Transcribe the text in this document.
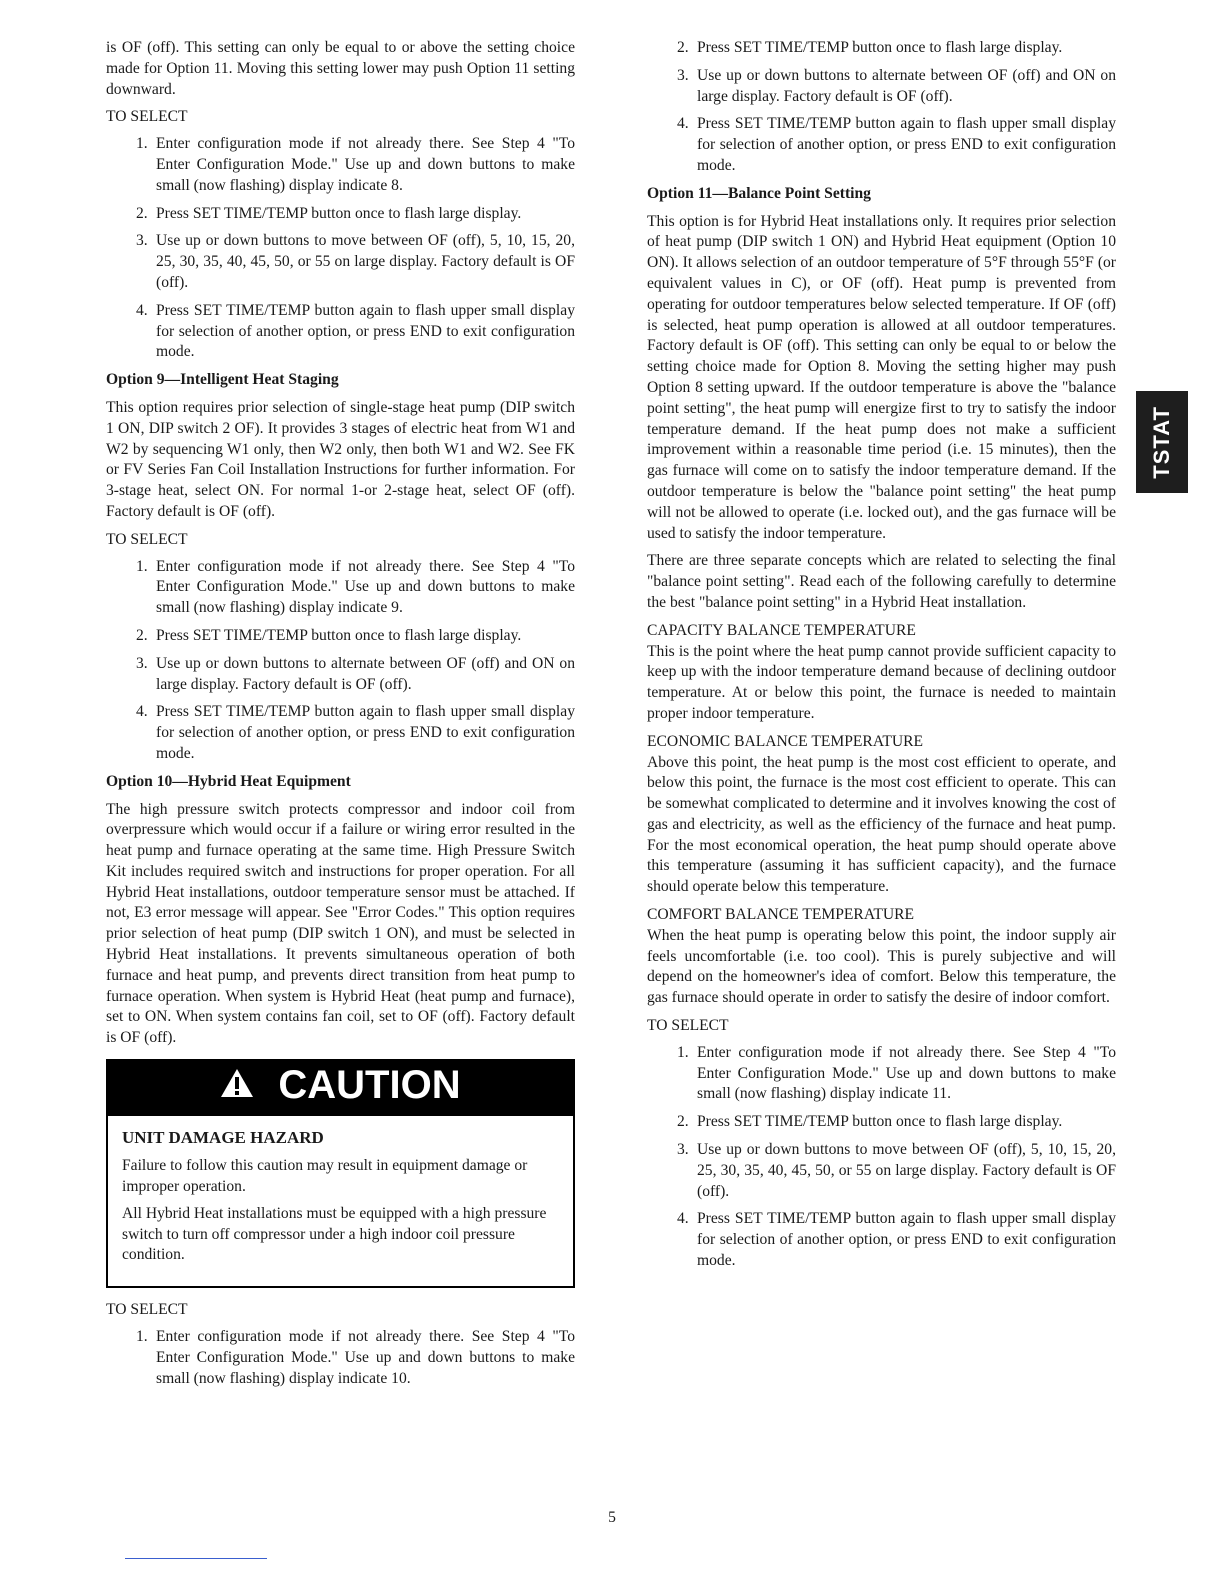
is OF (off). This setting can only be equal to or above the setting choice made for Option 11. Moving this setting lower may push Option 11 setting downward.

TO SELECT
1. Enter configuration mode if not already there. See Step 4 "To Enter Configuration Mode." Use up and down buttons to make small (now flashing) display indicate 8.
2. Press SET TIME/TEMP button once to flash large display.
3. Use up or down buttons to move between OF (off), 5, 10, 15, 20, 25, 30, 35, 40, 45, 50, or 55 on large display. Factory default is OF (off).
4. Press SET TIME/TEMP button again to flash upper small display for selection of another option, or press END to exit configuration mode.
Option 9—Intelligent Heat Staging

This option requires prior selection of single-stage heat pump (DIP switch 1 ON, DIP switch 2 OF). It provides 3 stages of electric heat from W1 and W2 by sequencing W1 only, then W2 only, then both W1 and W2. See FK or FV Series Fan Coil Installation Instructions for further information. For 3-stage heat, select ON. For normal 1-or 2-stage heat, select OF (off). Factory default is OF (off).

TO SELECT
1. Enter configuration mode if not already there. See Step 4 "To Enter Configuration Mode." Use up and down buttons to make small (now flashing) display indicate 9.
2. Press SET TIME/TEMP button once to flash large display.
3. Use up or down buttons to alternate between OF (off) and ON on large display. Factory default is OF (off).
4. Press SET TIME/TEMP button again to flash upper small display for selection of another option, or press END to exit configuration mode.
Option 10—Hybrid Heat Equipment

The high pressure switch protects compressor and indoor coil from overpressure which would occur if a failure or wiring error resulted in the heat pump and furnace operating at the same time. High Pressure Switch Kit includes required switch and instructions for proper operation. For all Hybrid Heat installations, outdoor temperature sensor must be attached. If not, E3 error message will appear. See "Error Codes." This option requires prior selection of heat pump (DIP switch 1 ON), and must be selected in Hybrid Heat installations. It prevents simultaneous operation of both furnace and heat pump, and prevents direct transition from heat pump to furnace operation. When system is Hybrid Heat (heat pump and furnace), set to ON. When system contains fan coil, set to OF (off). Factory default is OF (off).

CAUTION
UNIT DAMAGE HAZARD

Failure to follow this caution may result in equipment damage or improper operation.

All Hybrid Heat installations must be equipped with a high pressure switch to turn off compressor under a high indoor coil pressure condition.

TO SELECT
1. Enter configuration mode if not already there. See Step 4 "To Enter Configuration Mode." Use up and down buttons to make small (now flashing) display indicate 10.
2. Press SET TIME/TEMP button once to flash large display.
3. Use up or down buttons to alternate between OF (off) and ON on large display. Factory default is OF (off).
4. Press SET TIME/TEMP button again to flash upper small display for selection of another option, or press END to exit configuration mode.
Option 11—Balance Point Setting

This option is for Hybrid Heat installations only. It requires prior selection of heat pump (DIP switch 1 ON) and Hybrid Heat equipment (Option 10 ON). It allows selection of an outdoor temperature of 5°F through 55°F (or equivalent values in C), or OF (off). Heat pump is prevented from operating for outdoor temperatures below selected temperature. If OF (off) is selected, heat pump operation is allowed at all outdoor temperatures. Factory default is OF (off). This setting can only be equal to or below the setting choice made for Option 8. Moving the setting higher may push Option 8 setting upward. If the outdoor temperature is above the "balance point setting", the heat pump will energize first to try to satisfy the indoor temperature demand. If the heat pump does not make a sufficient improvement within a reasonable time period (i.e. 15 minutes), then the gas furnace will come on to satisfy the indoor temperature demand. If the outdoor temperature is below the "balance point setting" the heat pump will not be allowed to operate (i.e. locked out), and the gas furnace will be used to satisfy the indoor temperature.

There are three separate concepts which are related to selecting the final "balance point setting". Read each of the following carefully to determine the best "balance point setting" in a Hybrid Heat installation.

CAPACITY BALANCE TEMPERATURE

This is the point where the heat pump cannot provide sufficient capacity to keep up with the indoor temperature demand because of declining outdoor temperature. At or below this point, the furnace is needed to maintain proper indoor temperature.

ECONOMIC BALANCE TEMPERATURE

Above this point, the heat pump is the most cost efficient to operate, and below this point, the furnace is the most cost efficient to operate. This can be somewhat complicated to determine and it involves knowing the cost of gas and electricity, as well as the efficiency of the furnace and heat pump. For the most economical operation, the heat pump should operate above this temperature (assuming it has sufficient capacity), and the furnace should operate below this temperature.

COMFORT BALANCE TEMPERATURE

When the heat pump is operating below this point, the indoor supply air feels uncomfortable (i.e. too cool). This is purely subjective and will depend on the homeowner's idea of comfort. Below this temperature, the gas furnace should operate in order to satisfy the desire of indoor comfort.

TO SELECT
1. Enter configuration mode if not already there. See Step 4 "To Enter Configuration Mode." Use up and down buttons to make small (now flashing) display indicate 11.
2. Press SET TIME/TEMP button once to flash large display.
3. Use up or down buttons to move between OF (off), 5, 10, 15, 20, 25, 30, 35, 40, 45, 50, or 55 on large display. Factory default is OF (off).
4. Press SET TIME/TEMP button again to flash upper small display for selection of another option, or press END to exit configuration mode.
TSTAT
5
